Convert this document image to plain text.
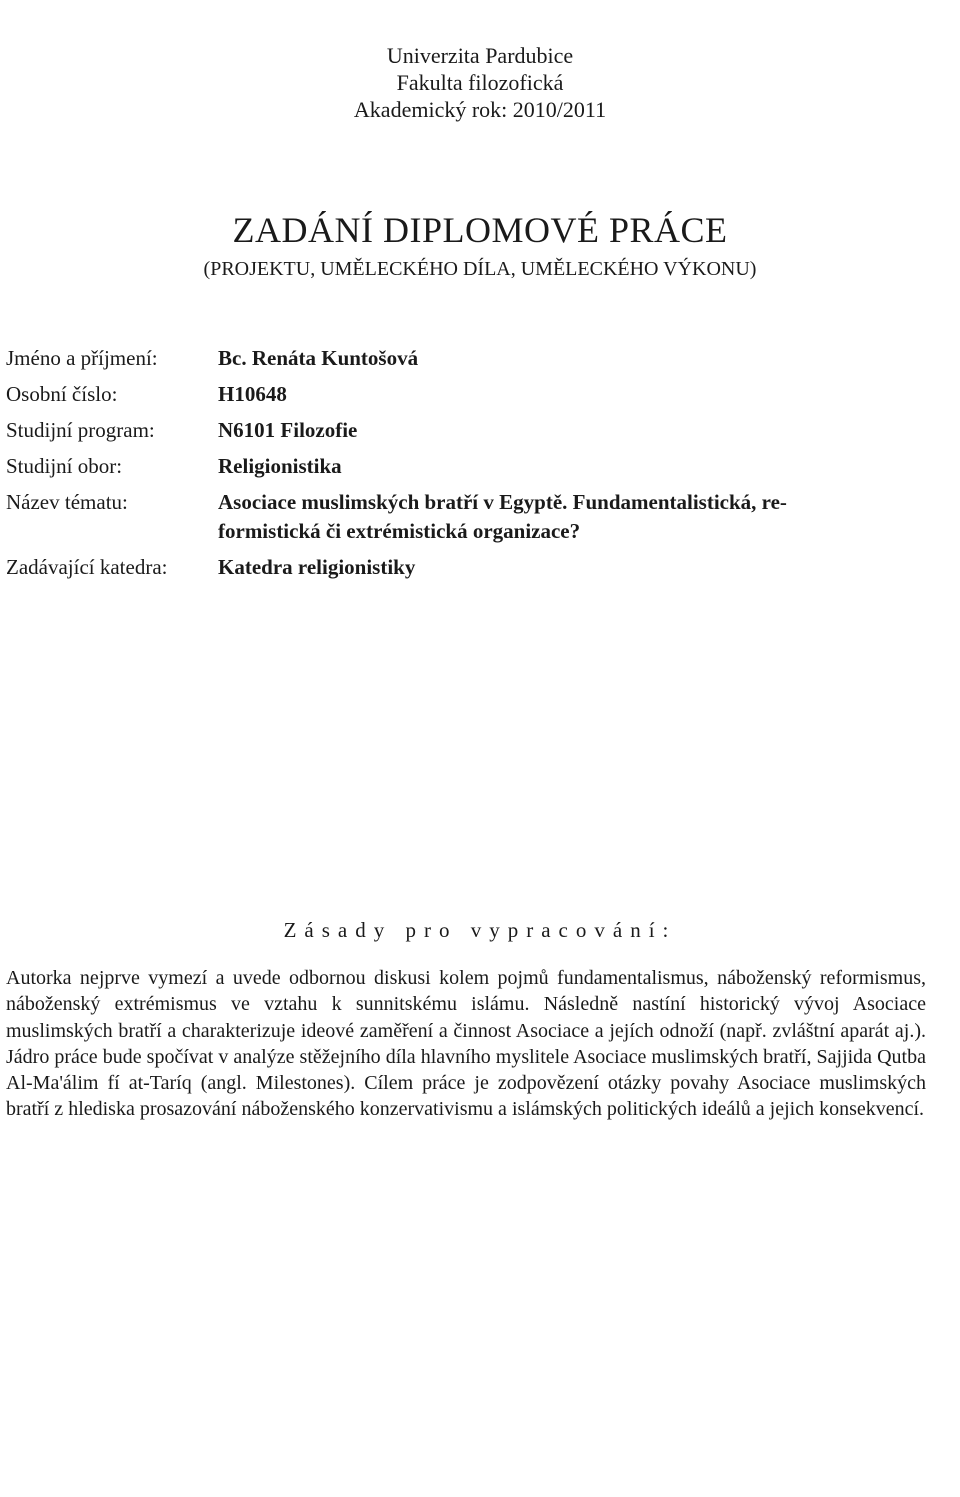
Univerzita Pardubice
Fakulta filozofická
Akademický rok: 2010/2011
ZADÁNÍ DIPLOMOVÉ PRÁCE
(PROJEKTU, UMĚLECKÉHO DÍLA, UMĚLECKÉHO VÝKONU)
Jméno a příjmení:	Bc. Renáta Kuntošová
Osobní číslo:	H10648
Studijní program:	N6101 Filozofie
Studijní obor:	Religionistika
Název tématu:	Asociace muslimských bratří v Egyptě. Fundamentalistická, re-
formistická či extrémistická organizace?
Zadávající katedra:	Katedra religionistiky
Zásady pro vypracování:
Autorka nejprve vymezí a uvede odbornou diskusi kolem pojmů fundamentalismus, náboženský reformismus, náboženský extrémismus ve vztahu k sunnitskému islámu. Následně nastíní historický vývoj Asociace muslimských bratří a charakterizuje ideové zaměření a činnost Asociace a jejích odnoží (např. zvláštní aparát aj.). Jádro práce bude spočívat v analýze stěžejního díla hlavního myslitele Asociace muslimských bratří, Sajjida Qutba Al-Ma'álim fí at-Taríq (angl. Milestones). Cílem práce je zodpovězení otázky povahy Asociace muslimských bratří z hlediska prosazování náboženského konzervativismu a islámských politických ideálů a jejich konsekvencí.
